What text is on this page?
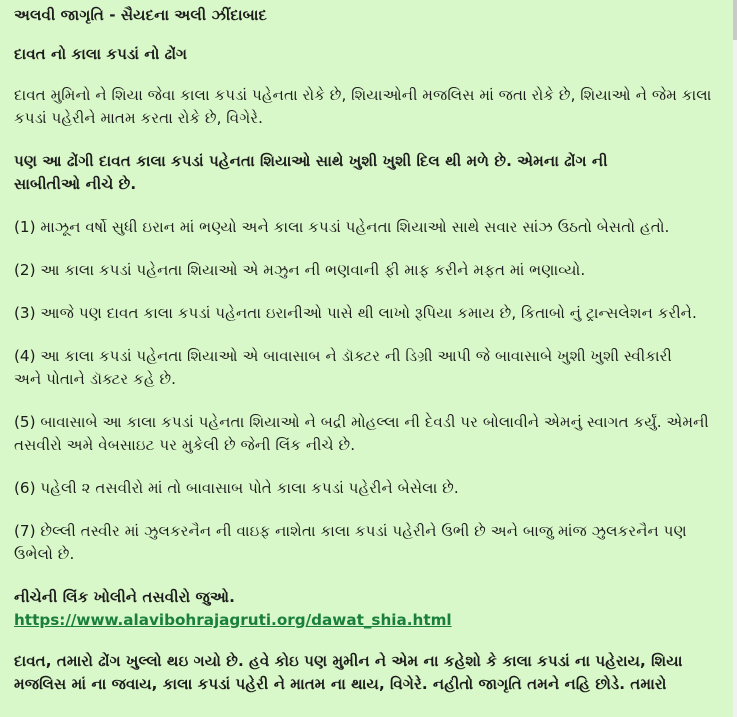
અલવી જાગૃતિ - સૈયદના અલી ઝીંદાબાદ

દાવત નો કાલા કપડાં નો ઢોંગ

દાવત મુમિનો ને શિયા જેવા કાલા કપડાં પહેનતા રોકે છે, શિયાઓની મજલિસ માં જતા રોકે છે, શિયાઓ ને જેમ કાલા
કપડાં પહેરીને માતમ કરતા રોકે છે, વિગેરે.

પણ આ ઢોંગી દાવત કાલા કપડાં પહેનતા શિયાઓ સાથે ખુશી ખુશી દિલ થી મળે છે. એમના ઢોંગ ની
સાબીતીઓ નીચે છે.

(1) માઝૂન વર્ષો સુધી ઇરાન માં ભણ્યો અને કાલા કપડાં પહેનતા શિયાઓ સાથે સવાર સાંઝ ઉઠતો બેસતો હતો.

(2) આ કાલા કપડાં પહેનતા શિયાઓ એ મઝુન ની ભણવાની ફી માફ કરીને મફત માં ભણાવ્યો.

(3) આજે પણ દાવત કાલા કપડાં પહેનતા ઇરાનીઓ પાસે થી લાખો રૂપિયા કમાય છે, કિતાબો નું ટ્રાન્સલેશન કરીને.

(4) આ કાલા કપડાં પહેનતા શિયાઓ એ બાવાસાબ ને ડૉક્ટર ની ડિગ્રી આપી જે બાવાસાબે ખુશી ખુશી સ્વીકારી
અને પોતાને ડૉક્ટર કહે છે.

(5) બાવાસાબે આ કાલા કપડાં પહેનતા શિયાઓ ને બદ્રી મોહલ્લા ની દેવડી પર બોલાવીને એમનું સ્વાગત કર્યું. એમની
તસવીરો અમે વેબસાઇટ પર મુકેલી છે જેની લિંક નીચે છે.

(6) પહેલી ૨ તસવીરો માં તો બાવાસાબ પોતે કાલા કપડાં પહેરીને બેસેલા છે.

(7) છેલ્લી તસ્વીર માં ઝુલકરનૈન ની વાઇફ નાશેતા કાલા કપડાં પહેરીને ઉભી છે અને બાજુ માંજ ઝુલકરનૈન પણ
ઉભેલો છે.

નીચેની લિંક ખોલીને તસવીરો જુઓ.
https://www.alavibohrajagruti.org/dawat_shia.html

દાવત, તમારો ઢોંગ ખુલ્લો થઇ ગયો છે. હવે કોઇ પણ મુમીન ને એમ ના કહેશો કે કાલા કપડાં ના પહેરાય, શિયા
મજલિસ માં ના જવાય, કાલા કપડાં પહેરી ને માતમ ના થાય, વિગેરે. નહીતો જાગૃતિ તમને નહિ છોડે. તમારો
